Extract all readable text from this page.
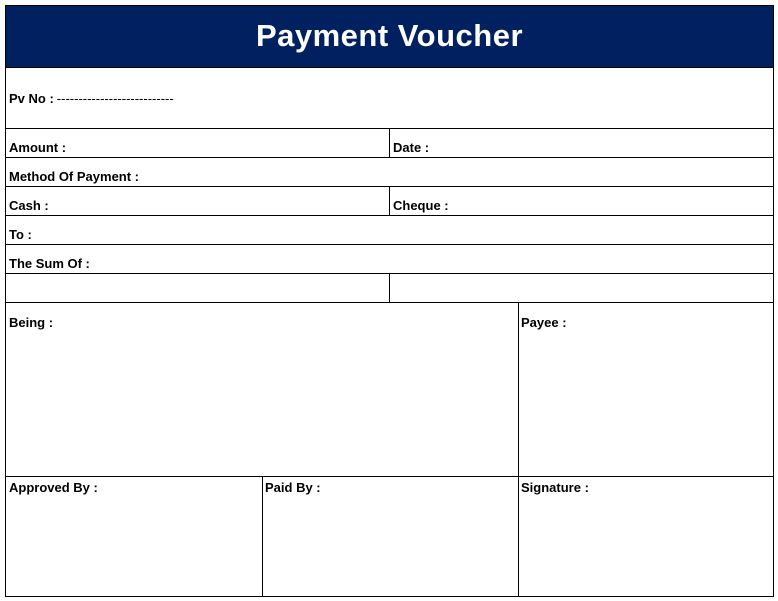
Payment Voucher
Pv No : ---------------------------
Amount :	Date :
Method Of Payment :
Cash :	Cheque :
To :
The Sum Of :
Being :	Payee :
Approved By :	Paid By :	Signature :
